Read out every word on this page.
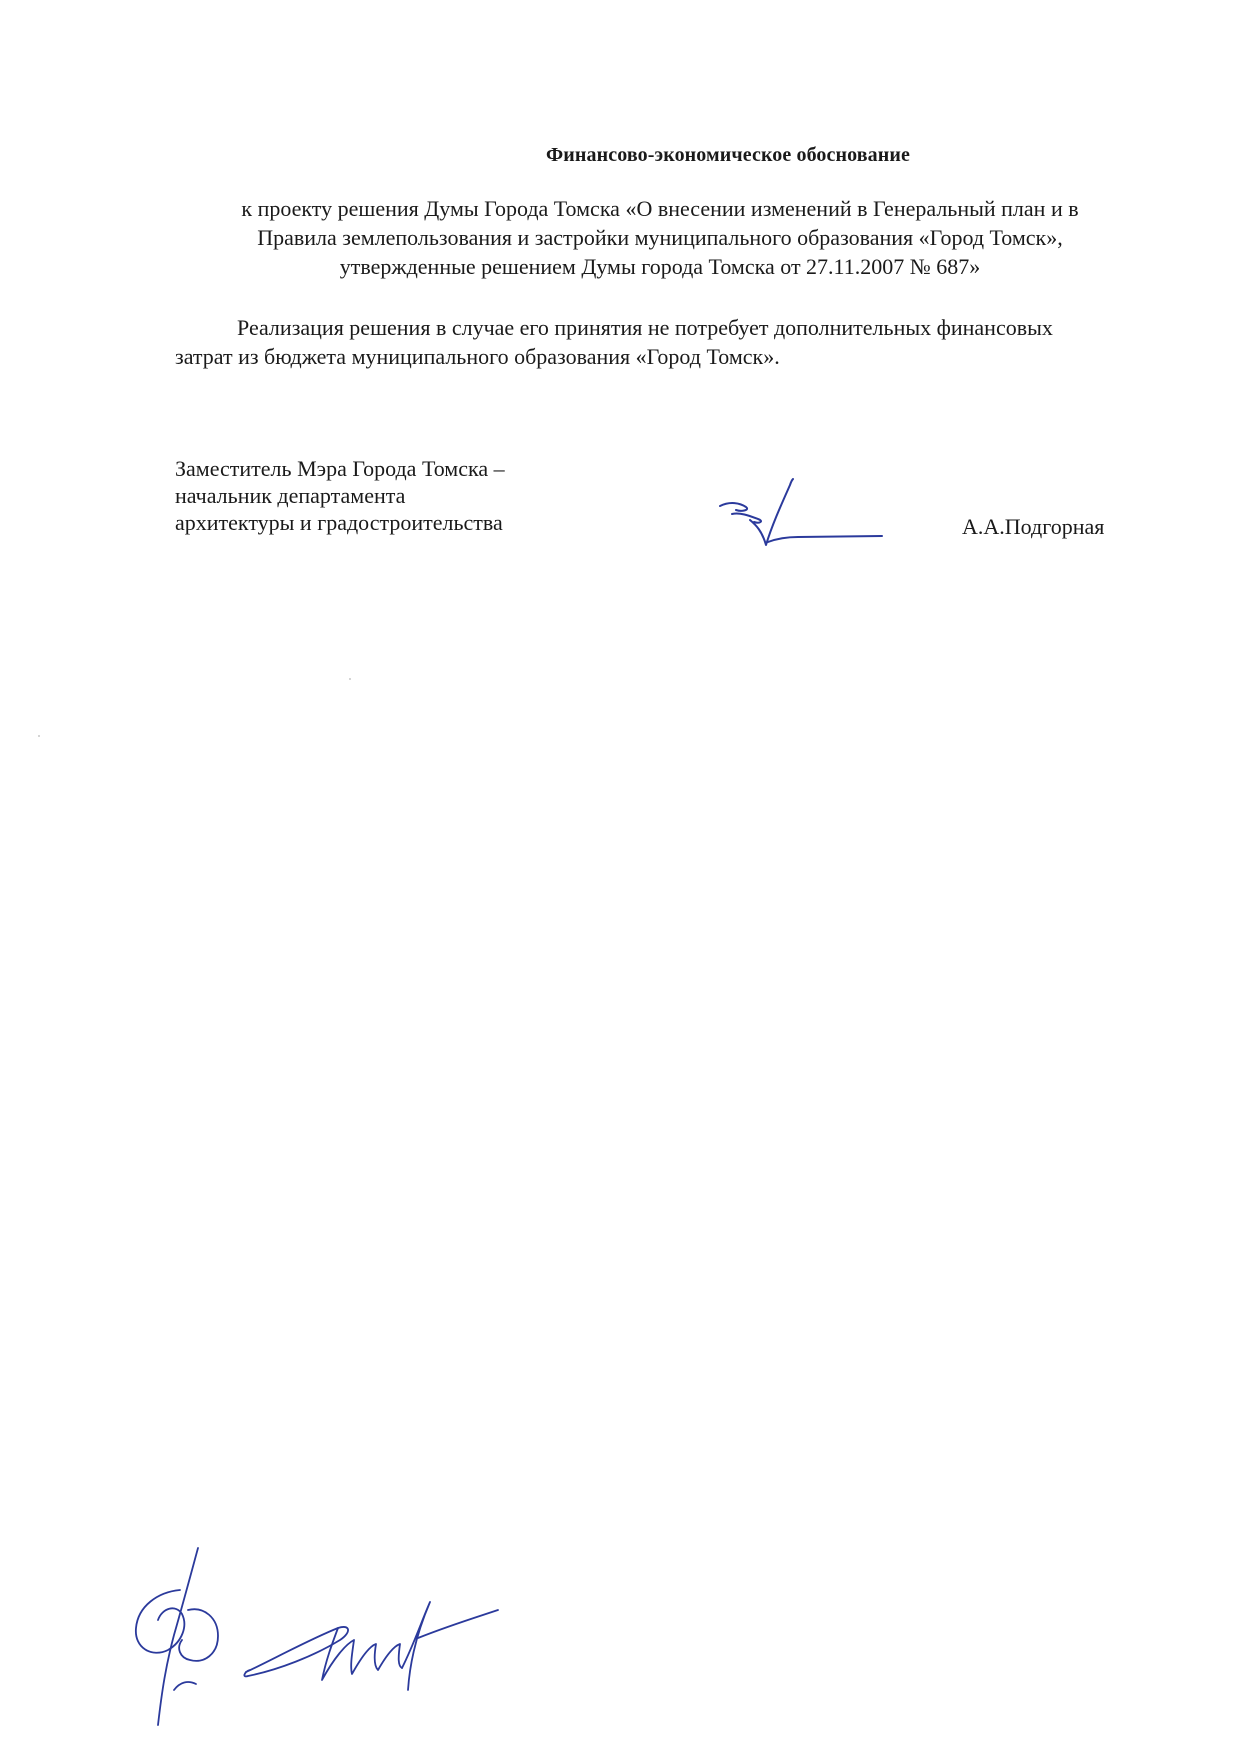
Финансово-экономическое обоснование
к проекту решения Думы Города Томска «О внесении изменений в Генеральный план и в
Правила землепользования и застройки муниципального образования «Город Томск»,
утвержденные решением Думы города Томска от 27.11.2007 № 687»
Реализация решения в случае его принятия не потребует дополнительных финансовых
затрат из бюджета муниципального образования «Город Томск».
Заместитель Мэра Города Томска –
начальник департамента
архитектуры и градостроительства	А.А.Подгорная
